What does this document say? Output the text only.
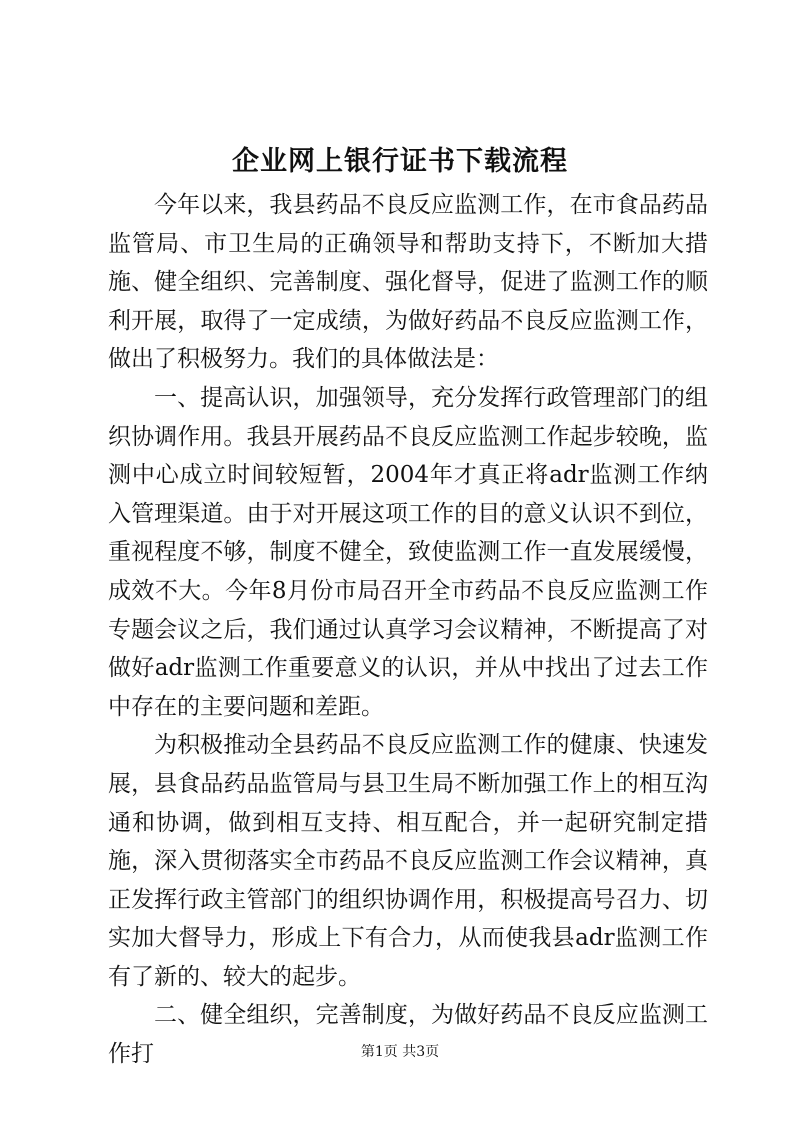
企业网上银行证书下载流程

今年以来，我县药品不良反应监测工作，在市食品药品监管局、市卫生局的正确领导和帮助支持下，不断加大措施、健全组织、完善制度、强化督导，促进了监测工作的顺利开展，取得了一定成绩，为做好药品不良反应监测工作，做出了积极努力。我们的具体做法是：

一、提高认识，加强领导，充分发挥行政管理部门的组织协调作用。我县开展药品不良反应监测工作起步较晚，监测中心成立时间较短暂，2004年才真正将adr监测工作纳入管理渠道。由于对开展这项工作的目的意义认识不到位，重视程度不够，制度不健全，致使监测工作一直发展缓慢，成效不大。今年8月份市局召开全市药品不良反应监测工作专题会议之后，我们通过认真学习会议精神，不断提高了对做好adr监测工作重要意义的认识，并从中找出了过去工作中存在的主要问题和差距。

为积极推动全县药品不良反应监测工作的健康、快速发展，县食品药品监管局与县卫生局不断加强工作上的相互沟通和协调，做到相互支持、相互配合，并一起研究制定措施，深入贯彻落实全市药品不良反应监测工作会议精神，真正发挥行政主管部门的组织协调作用，积极提高号召力、切实加大督导力，形成上下有合力，从而使我县adr监测工作有了新的、较大的起步。

二、健全组织，完善制度，为做好药品不良反应监测工作打	第1页 共3页
